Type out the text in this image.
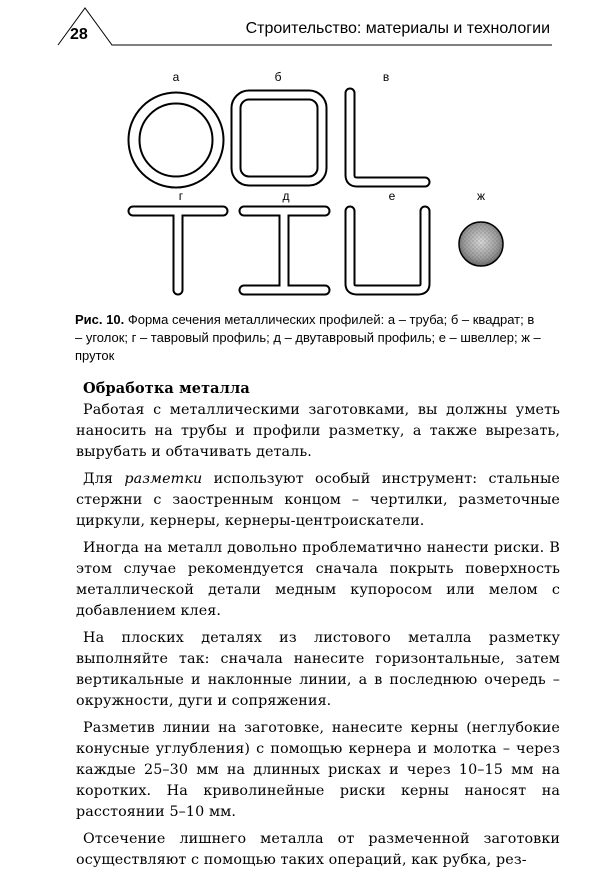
28	Строительство: материалы и технологии
а	б	в
г	д	е	ж

Рис. 10. Форма сечения металлических профилей: а – труба; б – квадрат; в – уголок; г – тавровый профиль; д – двутавровый профиль; е – швеллер; ж – пруток

Обработка металла

Работая с металлическими заготовками, вы должны уметь наносить на трубы и профили разметку, а также вырезать, вырубать и обтачивать деталь.

Для разметки используют особый инструмент: стальные стержни с заостренным концом – чертилки, разметочные циркули, кернеры, кернеры-центроискатели.

Иногда на металл довольно проблематично нанести риски. В этом случае рекомендуется сначала покрыть поверхность металлической детали медным купоросом или мелом с добавлением клея.

На плоских деталях из листового металла разметку выполняйте так: сначала нанесите горизонтальные, затем вертикальные и наклонные линии, а в последнюю очередь – окружности, дуги и сопряжения.

Разметив линии на заготовке, нанесите керны (неглубокие конусные углубления) с помощью кернера и молотка – через каждые 25–30 мм на длинных рисках и через 10–15 мм на коротких. На криволинейные риски керны наносят на расстоянии 5–10 мм.

Отсечение лишнего металла от размеченной заготовки осуществляют с помощью таких операций, как рубка, рез-
